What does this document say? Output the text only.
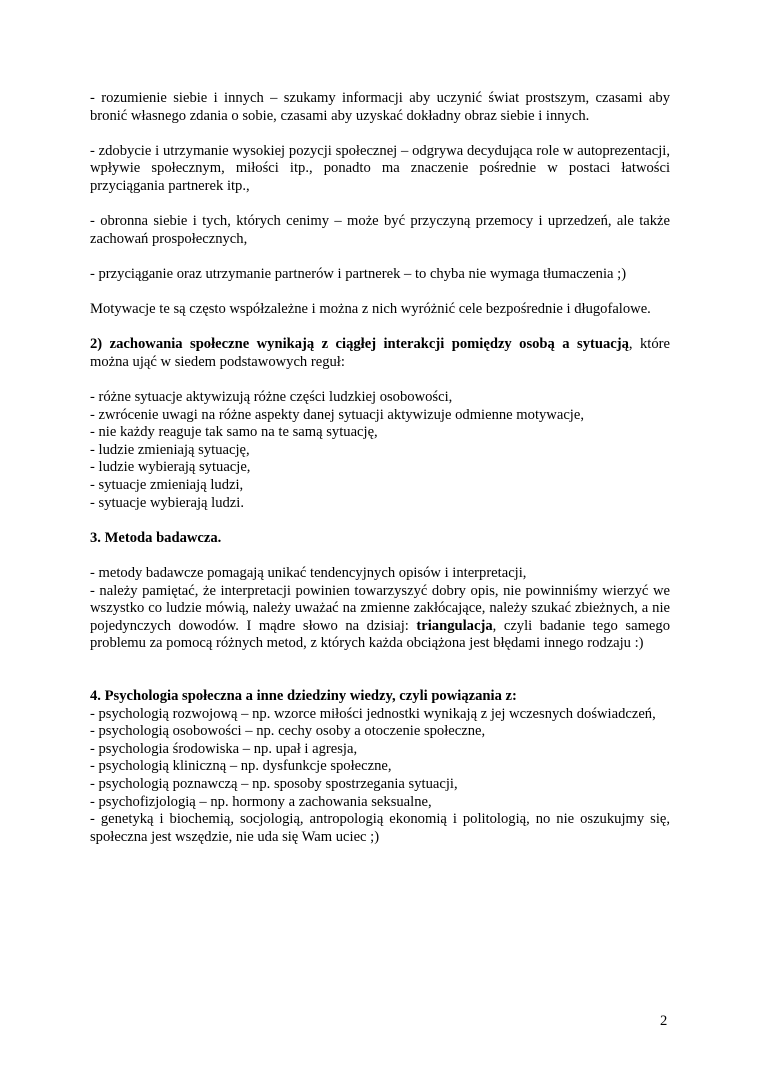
- rozumienie siebie i innych – szukamy informacji aby uczynić świat prostszym, czasami aby bronić własnego zdania o sobie, czasami aby uzyskać dokładny obraz siebie i innych.

- zdobycie i utrzymanie wysokiej pozycji społecznej – odgrywa decydująca role w autoprezentacji, wpływie społecznym, miłości itp., ponadto ma znaczenie pośrednie w postaci łatwości przyciągania partnerek itp.,

- obronna siebie i tych, których cenimy – może być przyczyną przemocy i uprzedzeń, ale także zachowań prospołecznych,

- przyciąganie oraz utrzymanie partnerów i partnerek – to chyba nie wymaga tłumaczenia ;)

Motywacje te są często współzależne i można z nich wyróżnić cele bezpośrednie i długofalowe.

2) zachowania społeczne wynikają z ciągłej interakcji pomiędzy osobą a sytuacją, które można ująć w siedem podstawowych reguł:

- różne sytuacje aktywizują różne części ludzkiej osobowości,
- zwrócenie uwagi na różne aspekty danej sytuacji aktywizuje odmienne motywacje,
- nie każdy reaguje tak samo na te samą sytuację,
- ludzie zmieniają sytuację,
- ludzie wybierają sytuacje,
- sytuacje zmieniają ludzi,
- sytuacje wybierają ludzi.

3. Metoda badawcza.

- metody badawcze pomagają unikać tendencyjnych opisów i interpretacji,

- należy pamiętać, że interpretacji powinien towarzyszyć dobry opis, nie powinniśmy wierzyć we wszystko co ludzie mówią, należy uważać na zmienne zakłócające, należy szukać zbieżnych, a nie pojedynczych dowodów. I mądre słowo na dzisiaj: triangulacja, czyli badanie tego samego problemu za pomocą różnych metod, z których każda obciążona jest błędami innego rodzaju :)

4. Psychologia społeczna a inne dziedziny wiedzy, czyli powiązania z:

- psychologią rozwojową – np. wzorce miłości jednostki wynikają z jej wczesnych doświadczeń,

- psychologią osobowości – np. cechy osoby a otoczenie społeczne,

- psychologia środowiska – np. upał i agresja,

- psychologią kliniczną – np. dysfunkcje społeczne,

- psychologią poznawczą – np. sposoby spostrzegania sytuacji,

- psychofizjologią – np. hormony a zachowania seksualne,

- genetyką i biochemią, socjologią, antropologią ekonomią i politologią, no nie oszukujmy się, społeczna jest wszędzie, nie uda się Wam uciec ;)

2
